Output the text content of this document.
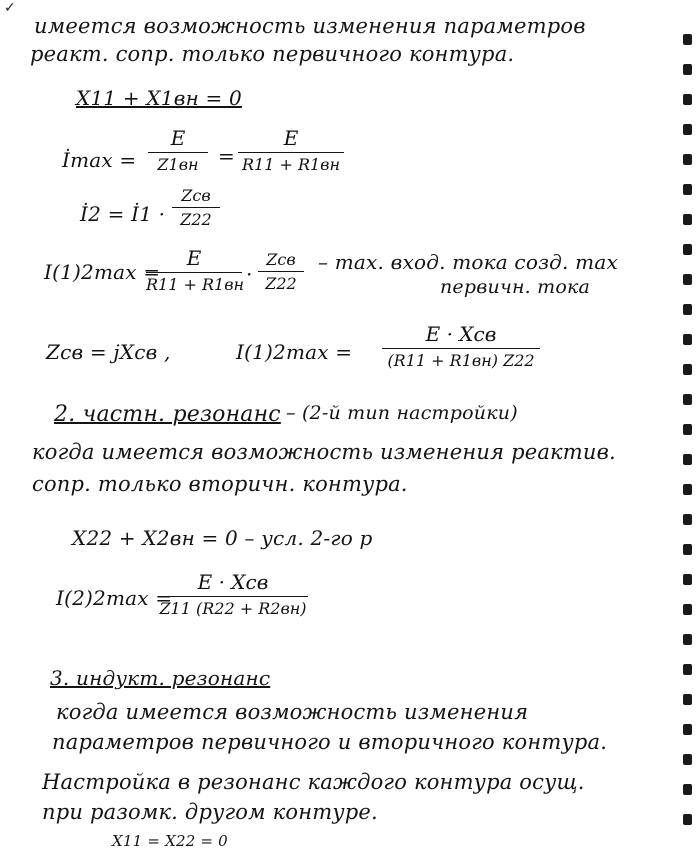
✓
имеется возможность изменения параметров
реакт. сопр. только первичного контура.
X11 + X1вн = 0
İmax =
E
Z1вн =
E
R11 + R1вн
İ2 = İ1 ·
Zсв
Z22
I(1)2max =
E
R11 + R1вн ·
Zсв
Z22
– max. вход. тока созд. max
первичн. тока
Zсв = jXсв ,	I(1)2max =
E · Xсв
(R11 + R1вн) Z22
2. частн. резонанс – (2-й тип настройки)
когда имеется возможность изменения реактив.
сопр. только вторичн. контура.
X22 + X2вн = 0 – усл. 2-го р
I(2)2max =
E · Xсв
Z11 (R22 + R2вн)
3. индукт. резонанс
когда имеется возможность изменения
параметров первичного и вторичного контура.
Настройка в резонанс каждого контура осущ.
при разомк. другом контуре.
X11 = X22 = 0
